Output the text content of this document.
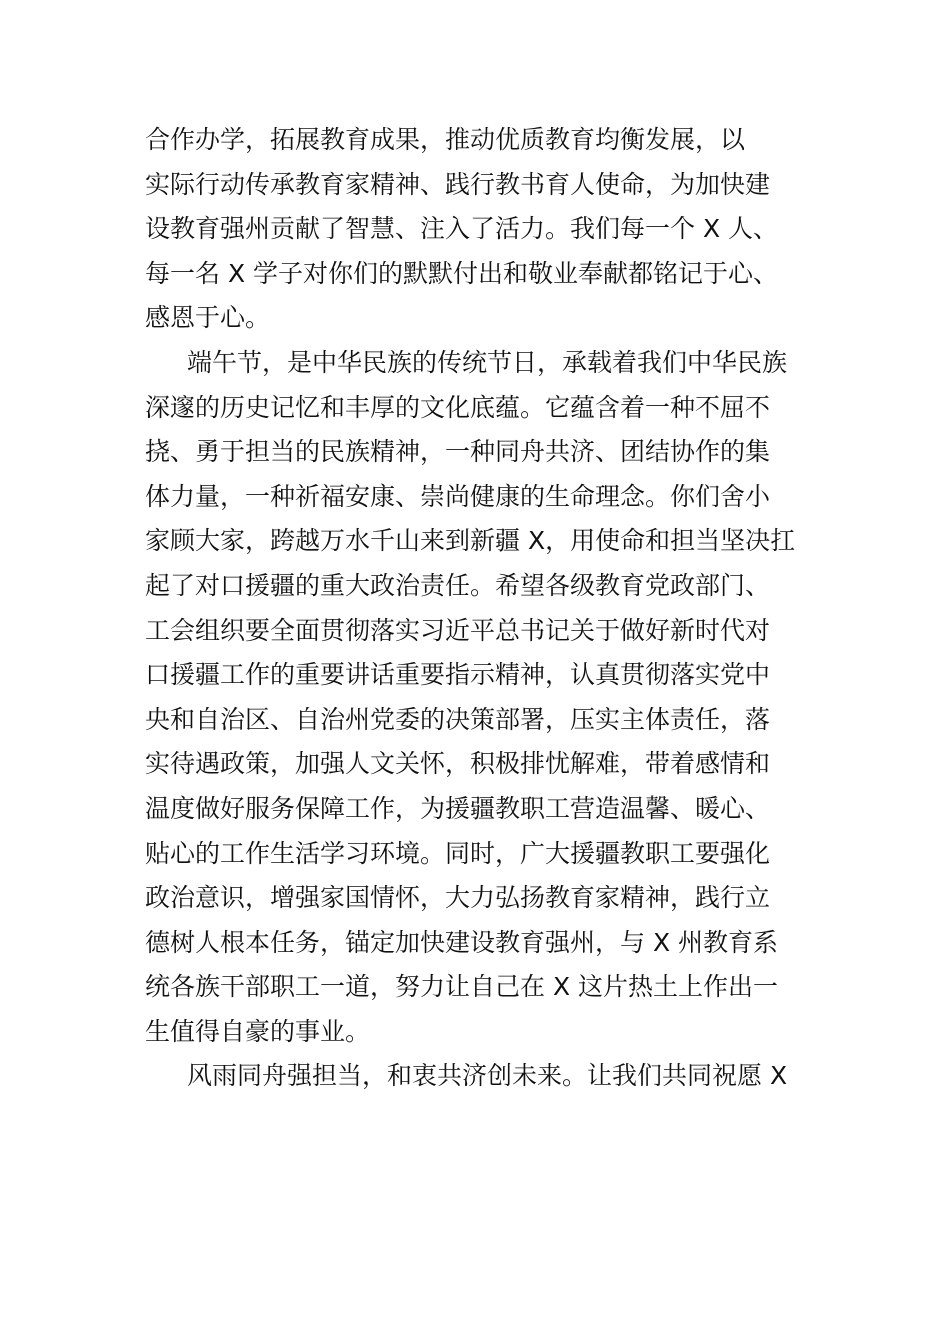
合作办学，拓展教育成果，推动优质教育均衡发展，以
实际行动传承教育家精神、践行教书育人使命，为加快建
设教育强州贡献了智慧、注入了活力。我们每一个 X 人、
每一名 X 学子对你们的默默付出和敬业奉献都铭记于心、
感恩于心。
端午节，是中华民族的传统节日，承载着我们中华民族
深邃的历史记忆和丰厚的文化底蕴。它蕴含着一种不屈不
挠、勇于担当的民族精神，一种同舟共济、团结协作的集
体力量，一种祈福安康、崇尚健康的生命理念。你们舍小
家顾大家，跨越万水千山来到新疆 X，用使命和担当坚决扛
起了对口援疆的重大政治责任。希望各级教育党政部门、
工会组织要全面贯彻落实习近平总书记关于做好新时代对
口援疆工作的重要讲话重要指示精神，认真贯彻落实党中
央和自治区、自治州党委的决策部署，压实主体责任，落
实待遇政策，加强人文关怀，积极排忧解难，带着感情和
温度做好服务保障工作，为援疆教职工营造温馨、暖心、
贴心的工作生活学习环境。同时，广大援疆教职工要强化
政治意识，增强家国情怀，大力弘扬教育家精神，践行立
德树人根本任务，锚定加快建设教育强州，与 X 州教育系
统各族干部职工一道，努力让自己在 X 这片热土上作出一
生值得自豪的事业。
风雨同舟强担当，和衷共济创未来。让我们共同祝愿 X
